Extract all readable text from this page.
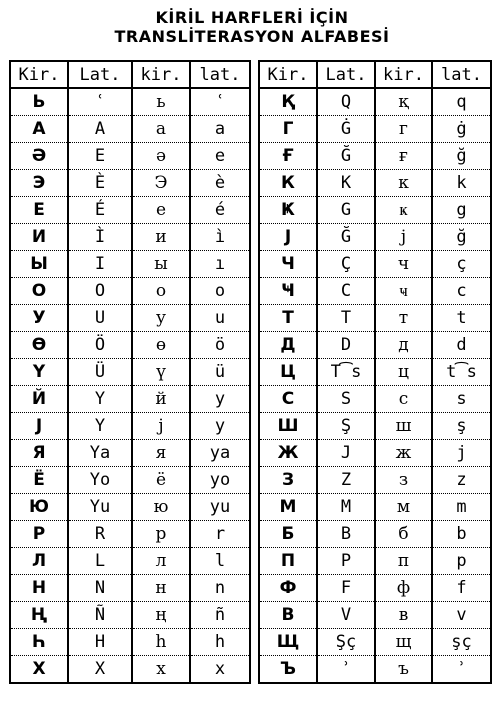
KİRİL HARFLERİ İÇİN
TRANSLİTERASYON ALFABESİ
Kir.	Lat.	kir.	lat.
Ь	ʿ	ь	ʿ
А	A	а	a
Ә	E	ә	e
Э	È	Э	è
Е	É	е	é
И	Ì	и	ì
Ы	I	ы	ı
О	O	о	o
У	U	у	u
Ө	Ö	ө	ö
Ү	Ü	ү	ü
Й	Y	й	y
Ј	Y	ј	y
Я	Ya	я	ya
Ё	Yo	ё	yo
Ю	Yu	ю	yu
Р	R	р	r
Л	L	л	l
Н	N	н	n
Ң	Ñ	ң	ñ
Һ	H	һ	h
Х	X	х	x
Kir.	Lat.	kir.	lat.
Қ	Q	қ	q
Г	Ġ	г	ġ
Ғ	Ğ	ғ	ğ
К	K	к	k
Ҝ	G	ҝ	g
Ј	Ğ	ј	ğ
Ч	Ç	ч	ç
Ҹ	C	ҹ	c
Т	T	т	t
Д	D	д	d
Ц	T͡s	ц	t͡s
С	S	с	s
Ш	Ş	ш	ş
Ж	J	ж	j
З	Z	з	z
М	M	м	m
Б	B	б	b
П	P	п	p
Ф	F	ф	f
В	V	в	v
Щ	Şç	щ	şç
Ъ	ʾ	ъ	ʾ
